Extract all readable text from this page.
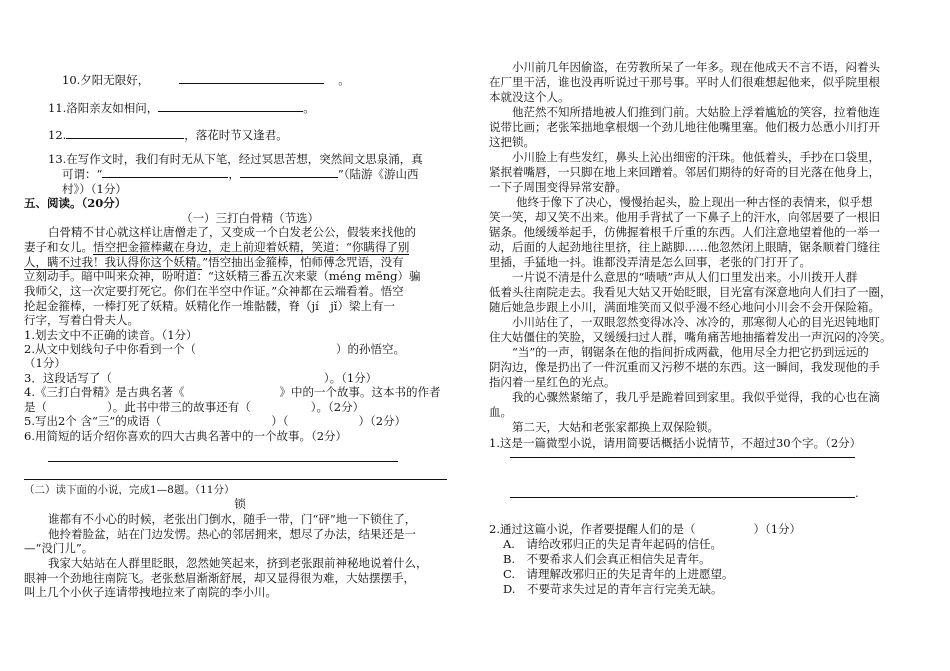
10.夕阳无限好，	。
11.洛阳亲友如相问，	。
12.	，落花时节又逢君。
13.在写作文时，我们有时无从下笔，经过冥思苦想，突然间文思泉涌，真
可谓：“	，	”（陆游《游山西
村》）（1分）
五、阅读。（20分）
（一）三打白骨精（节选）
白骨精不甘心就这样让唐僧走了，又变成一个白发老公公，假装来找他的
妻子和女儿。悟空把金箍棒藏在身边，走上前迎着妖精，笑道：“你瞒得了别
人，瞒不过我！我认得你这个妖精。”悟空抽出金箍棒，怕师傅念咒语，没有
立刻动手。暗中叫来众神，吩咐道：“这妖精三番五次来蒙（méng mēng）骗
我师父，这一次定要打死它。你们在半空中作证。”众神都在云端看着。悟空
抡起金箍棒，一棒打死了妖精。妖精化作一堆骷髅，脊（jí　jǐ）梁上有一
行字，写着白骨夫人。
1.划去文中不正确的读音。（1分）
2.从文中划线句子中你看到一个（	）的孙悟空。
（1分）
3．这段话写了（	）。（1分）
4.《三打白骨精》是古典名著《	》中的一个故事。这本书的作者
是（	）。此书中带三的故事还有（	）。（2分）
5.写出2个 含“三”的成语（	）（	）（2分）
6.用简短的话介绍你喜欢的四大古典名著中的一个故事。（2分）
（二）读下面的小说，完成1—8题。（11分）
锁
谁都有不小心的时候，老张出门倒水，随手一带，门“砰”地一下锁住了，
他拎着脸盆，站在门边发愣。热心的邻居拥来，想尽了办法，结果还是一
—“没门儿”。
我家大姑站在人群里眨眼，忽然她笑起来，挤到老张跟前神秘地说着什么，
眼神一个劲地往南院飞。老张愁眉渐渐舒展，却又显得很为难，大姑摆摆手，
叫上几个小伙子连请带拽地拉来了南院的李小川。
小川前几年因偷盗，在劳教所呆了一年多。现在他成天不言不语，闷着头
在厂里干活，谁也没再听说过干那号事。平时人们很难想起他来，似乎院里根
本就没这个人。
他茫然不知所措地被人们推到门前。大姑脸上浮着尴尬的笑容，拉着他连
说带比画；老张笨拙地拿根烟一个劲儿地往他嘴里塞。他们极力怂恿小川打开
这把锁。
小川脸上有些发红，鼻头上沁出细密的汗珠。他低着头，手抄在口袋里，
紧抿着嘴唇，一只脚在地上来回蹭着。邻居们期待的好奇的目光落在他身上，
一下子周围变得异常安静。
他终于像下了决心，慢慢抬起头，脸上现出一种古怪的表情来，似乎想
笑一笑，却又笑不出来。他用手背拭了一下鼻子上的汗水，向邻居要了一根旧
锯条。他缓缓举起手，仿佛握着根千斤重的东西。人们注意地望着他的一举一
动，后面的人起劲地往里挤，往上踮脚……他忽然闭上眼睛，锯条顺着门缝往
里插，手猛地一抖。谁都没弄清是怎么回事，老张的门打开了。
一片说不清是什么意思的“啧啧”声从人们口里发出来。小川拨开人群
低着头往南院走去。我看见大姑又开始眨眼，目光富有深意地向人们扫了一圈，
随后她急步跟上小川，满面堆笑而又似乎漫不经心地问小川会不会开保险箱。
小川站住了，一双眼忽然变得冰冷、冰冷的，那寒彻人心的目光迟钝地盯
住大姑僵住的笑脸，又缓缓扫过人群，嘴角痛苦地抽搐着发出一声沉闷的冷笑。
“当”的一声，钢锯条在他的指间折成两截，他用尽全力把它扔到远远的
阴沟边，像是扔出了一件沉重而又污秽不堪的东西。这一瞬间，我发现他的手
指闪着一星红色的光点。
我的心骤然紧缩了，我几乎是跪着回到家里。我似乎觉得，我的心也在滴
血。
第二天，大姑和老张家都换上双保险锁。
1.这是一篇微型小说，请用简要话概括小说情节，不超过30个字。（2分）
.
2.通过这篇小说，作者要提醒人们的是（	）（1分）
A.　请给改邪归正的失足青年起码的信任。
B.　不要希求人们会真正相信失足青年。
C.　请理解改邪归正的失足青年的上进愿望。
D.　不要苛求失过足的青年言行完美无缺。
